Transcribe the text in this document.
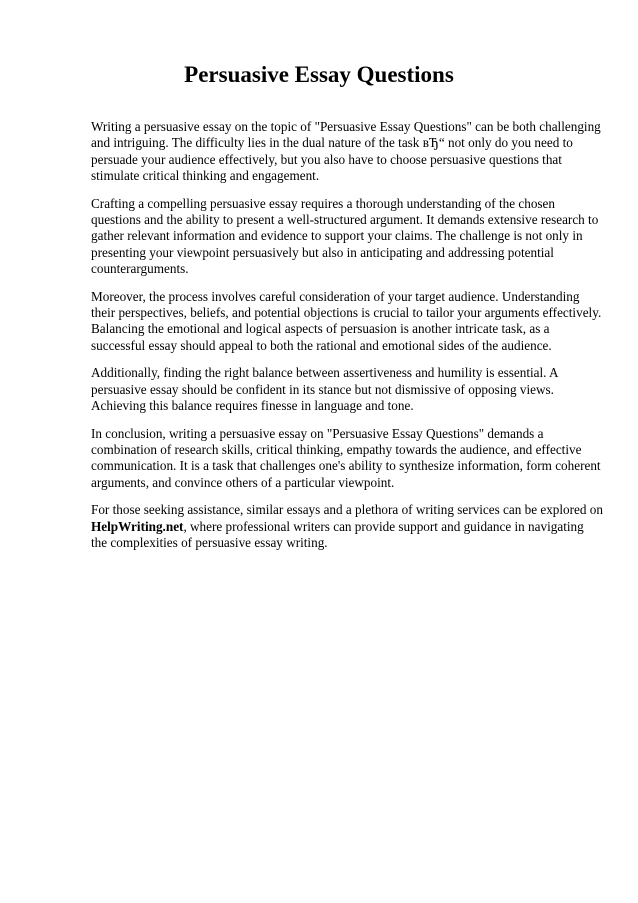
Persuasive Essay Questions

Writing a persuasive essay on the topic of "Persuasive Essay Questions" can be both challenging and intriguing. The difficulty lies in the dual nature of the task вЂ“ not only do you need to persuade your audience effectively, but you also have to choose persuasive questions that stimulate critical thinking and engagement.

Crafting a compelling persuasive essay requires a thorough understanding of the chosen questions and the ability to present a well-structured argument. It demands extensive research to gather relevant information and evidence to support your claims. The challenge is not only in presenting your viewpoint persuasively but also in anticipating and addressing potential counterarguments.

Moreover, the process involves careful consideration of your target audience. Understanding their perspectives, beliefs, and potential objections is crucial to tailor your arguments effectively. Balancing the emotional and logical aspects of persuasion is another intricate task, as a successful essay should appeal to both the rational and emotional sides of the audience.

Additionally, finding the right balance between assertiveness and humility is essential. A persuasive essay should be confident in its stance but not dismissive of opposing views. Achieving this balance requires finesse in language and tone.

In conclusion, writing a persuasive essay on "Persuasive Essay Questions" demands a combination of research skills, critical thinking, empathy towards the audience, and effective communication. It is a task that challenges one's ability to synthesize information, form coherent arguments, and convince others of a particular viewpoint.

For those seeking assistance, similar essays and a plethora of writing services can be explored on HelpWriting.net, where professional writers can provide support and guidance in navigating the complexities of persuasive essay writing.
